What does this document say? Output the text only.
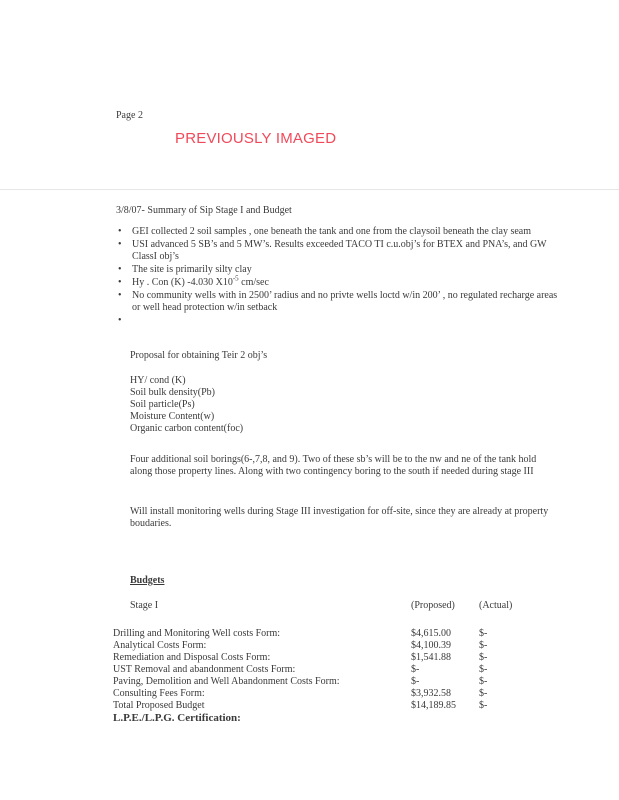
Page 2
PREVIOUSLY IMAGED
3/8/07- Summary of Sip Stage I and Budget
• GEI collected 2 soil samples , one beneath the tank and one from the claysoil beneath the clay seam
• USI advanced 5 SB’s and 5 MW’s. Results exceeded TACO TI c.u.obj’s for BTEX and PNA’s, and GW ClassI obj’s
• The site is primarily silty clay
• Hy . Con (K) -4.030 $X10^{-5}$ cm/sec
• No community wells with in 2500’ radius and no privte wells loctd w/in 200’ , no regulated recharge areas or well head protection w/in setback
•
Proposal for obtaining Teir 2 obj’s
HY/ cond (K)
Soil bulk density(Pb)
Soil particle(Ps)
Moisture Content(w)
Organic carbon content(foc)
Four additional soil borings(6-,7,8, and 9). Two of these sb’s will be to the nw and ne of the tank hold along those property lines. Along with two contingency boring to the south if needed during stage III
Will install monitoring wells during Stage III investigation for off-site, since they are already at property boudaries.
Budgets
Stage I	(Proposed) (Actual)
Drilling and Monitoring Well costs Form:	$4,615.00	$-
Analytical Costs Form:	$4,100.39	$-
Remediation and Disposal Costs Form:	$1,541.88	$-
UST Removal and abandonment Costs Form:	$-	$-
Paving, Demolition and Well Abandonment Costs Form:	$-	$-
Consulting Fees Form:	$3,932.58	$-
Total Proposed Budget	$14,189.85 $-
L.P.E./L.P.G. Certification:
